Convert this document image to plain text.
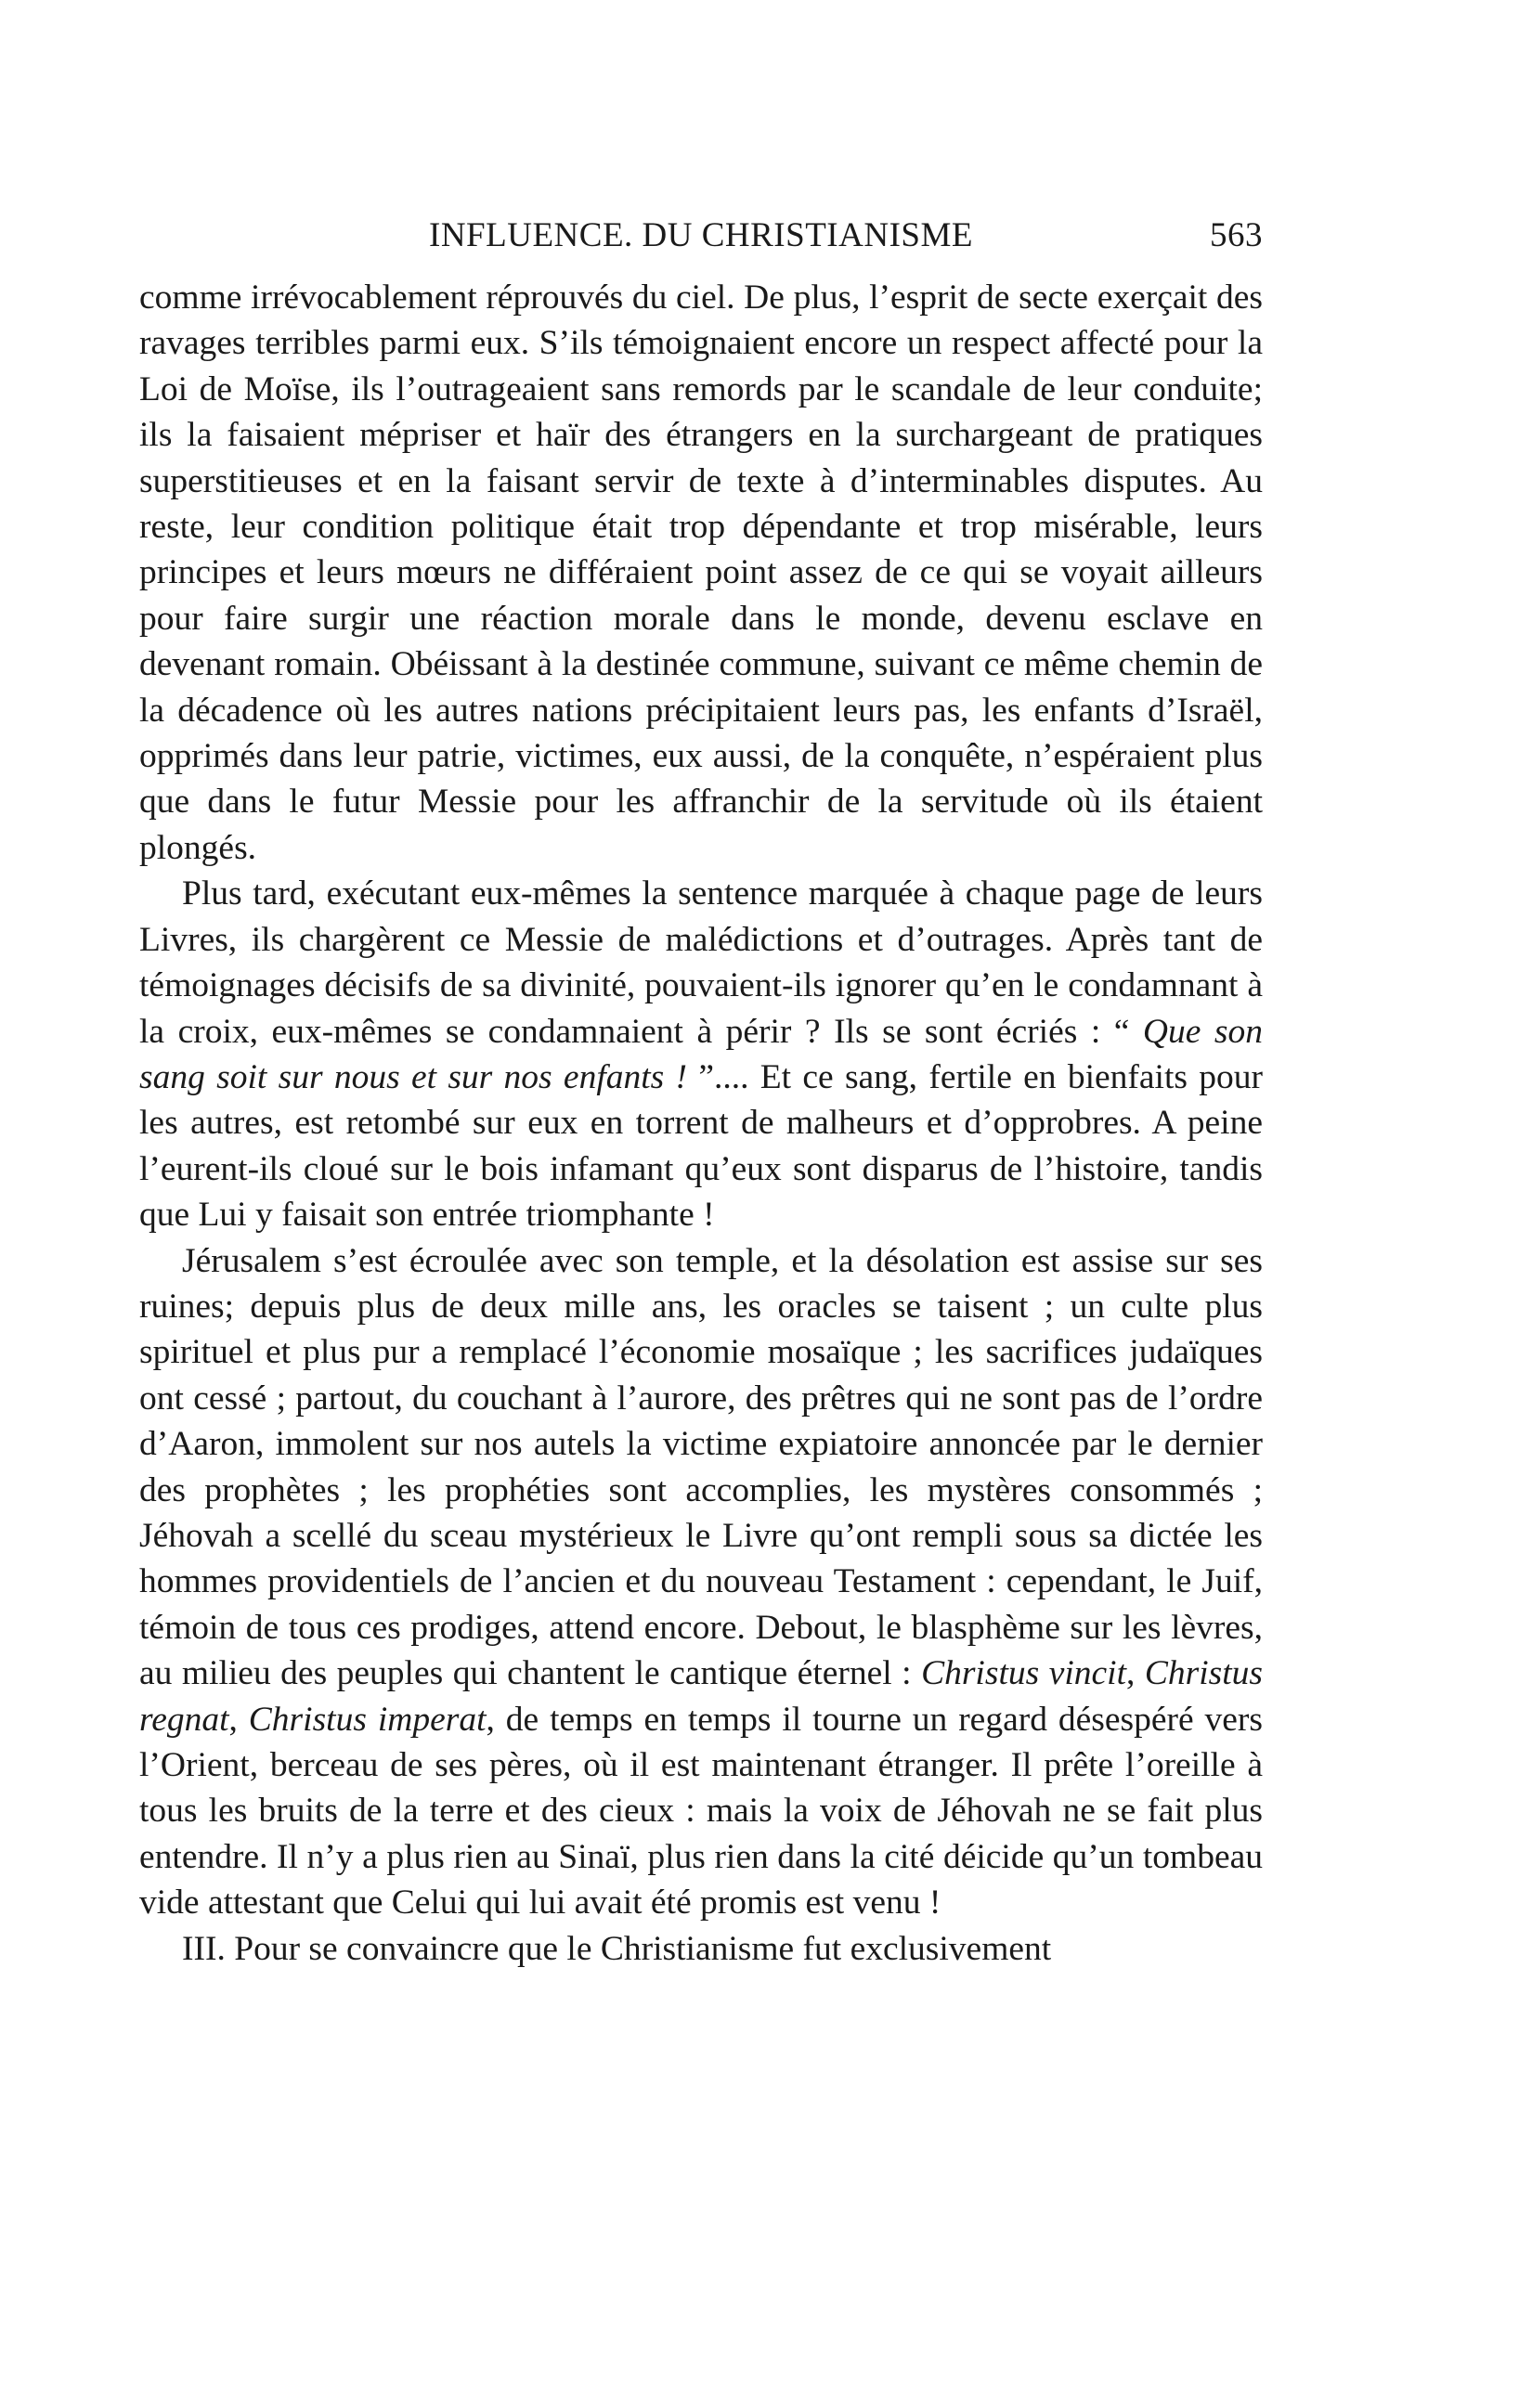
INFLUENCE. DU CHRISTIANISME	563

comme irrévocablement réprouvés du ciel. De plus, l’esprit de secte exerçait des ravages terribles parmi eux. S’ils témoignaient encore un respect affecté pour la Loi de Moïse, ils l’outrageaient sans remords par le scandale de leur conduite; ils la faisaient mépriser et haïr des étrangers en la surchargeant de pratiques superstitieuses et en la faisant servir de texte à d’interminables disputes. Au reste, leur condition politique était trop dépendante et trop misérable, leurs principes et leurs mœurs ne différaient point assez de ce qui se voyait ailleurs pour faire surgir une réaction morale dans le monde, devenu esclave en devenant romain. Obéissant à la destinée commune, suivant ce même chemin de la décadence où les autres nations précipitaient leurs pas, les enfants d’Israël, opprimés dans leur patrie, victimes, eux aussi, de la conquête, n’espéraient plus que dans le futur Messie pour les affranchir de la servitude où ils étaient plongés.

Plus tard, exécutant eux-mêmes la sentence marquée à chaque page de leurs Livres, ils chargèrent ce Messie de malédictions et d’outrages. Après tant de témoignages décisifs de sa divinité, pouvaient-ils ignorer qu’en le condamnant à la croix, eux-mêmes se condamnaient à périr ? Ils se sont écriés : “ Que son sang soit sur nous et sur nos enfants ! ”.... Et ce sang, fertile en bienfaits pour les autres, est retombé sur eux en torrent de malheurs et d’opprobres. A peine l’eurent-ils cloué sur le bois infamant qu’eux sont disparus de l’histoire, tandis que Lui y faisait son entrée triomphante !

Jérusalem s’est écroulée avec son temple, et la désolation est assise sur ses ruines; depuis plus de deux mille ans, les oracles se taisent ; un culte plus spirituel et plus pur a remplacé l’économie mosaïque ; les sacrifices judaïques ont cessé ; partout, du couchant à l’aurore, des prêtres qui ne sont pas de l’ordre d’Aaron, immolent sur nos autels la victime expiatoire annoncée par le dernier des prophètes ; les prophéties sont accomplies, les mystères consommés ; Jéhovah a scellé du sceau mystérieux le Livre qu’ont rempli sous sa dictée les hommes providentiels de l’ancien et du nouveau Testament : cependant, le Juif, témoin de tous ces prodiges, attend encore. Debout, le blasphème sur les lèvres, au milieu des peuples qui chantent le cantique éternel : Christus vincit, Christus regnat, Christus imperat, de temps en temps il tourne un regard désespéré vers l’Orient, berceau de ses pères, où il est maintenant étranger. Il prête l’oreille à tous les bruits de la terre et des cieux : mais la voix de Jéhovah ne se fait plus entendre. Il n’y a plus rien au Sinaï, plus rien dans la cité déicide qu’un tombeau vide attestant que Celui qui lui avait été promis est venu !

III. Pour se convaincre que le Christianisme fut exclusivement
